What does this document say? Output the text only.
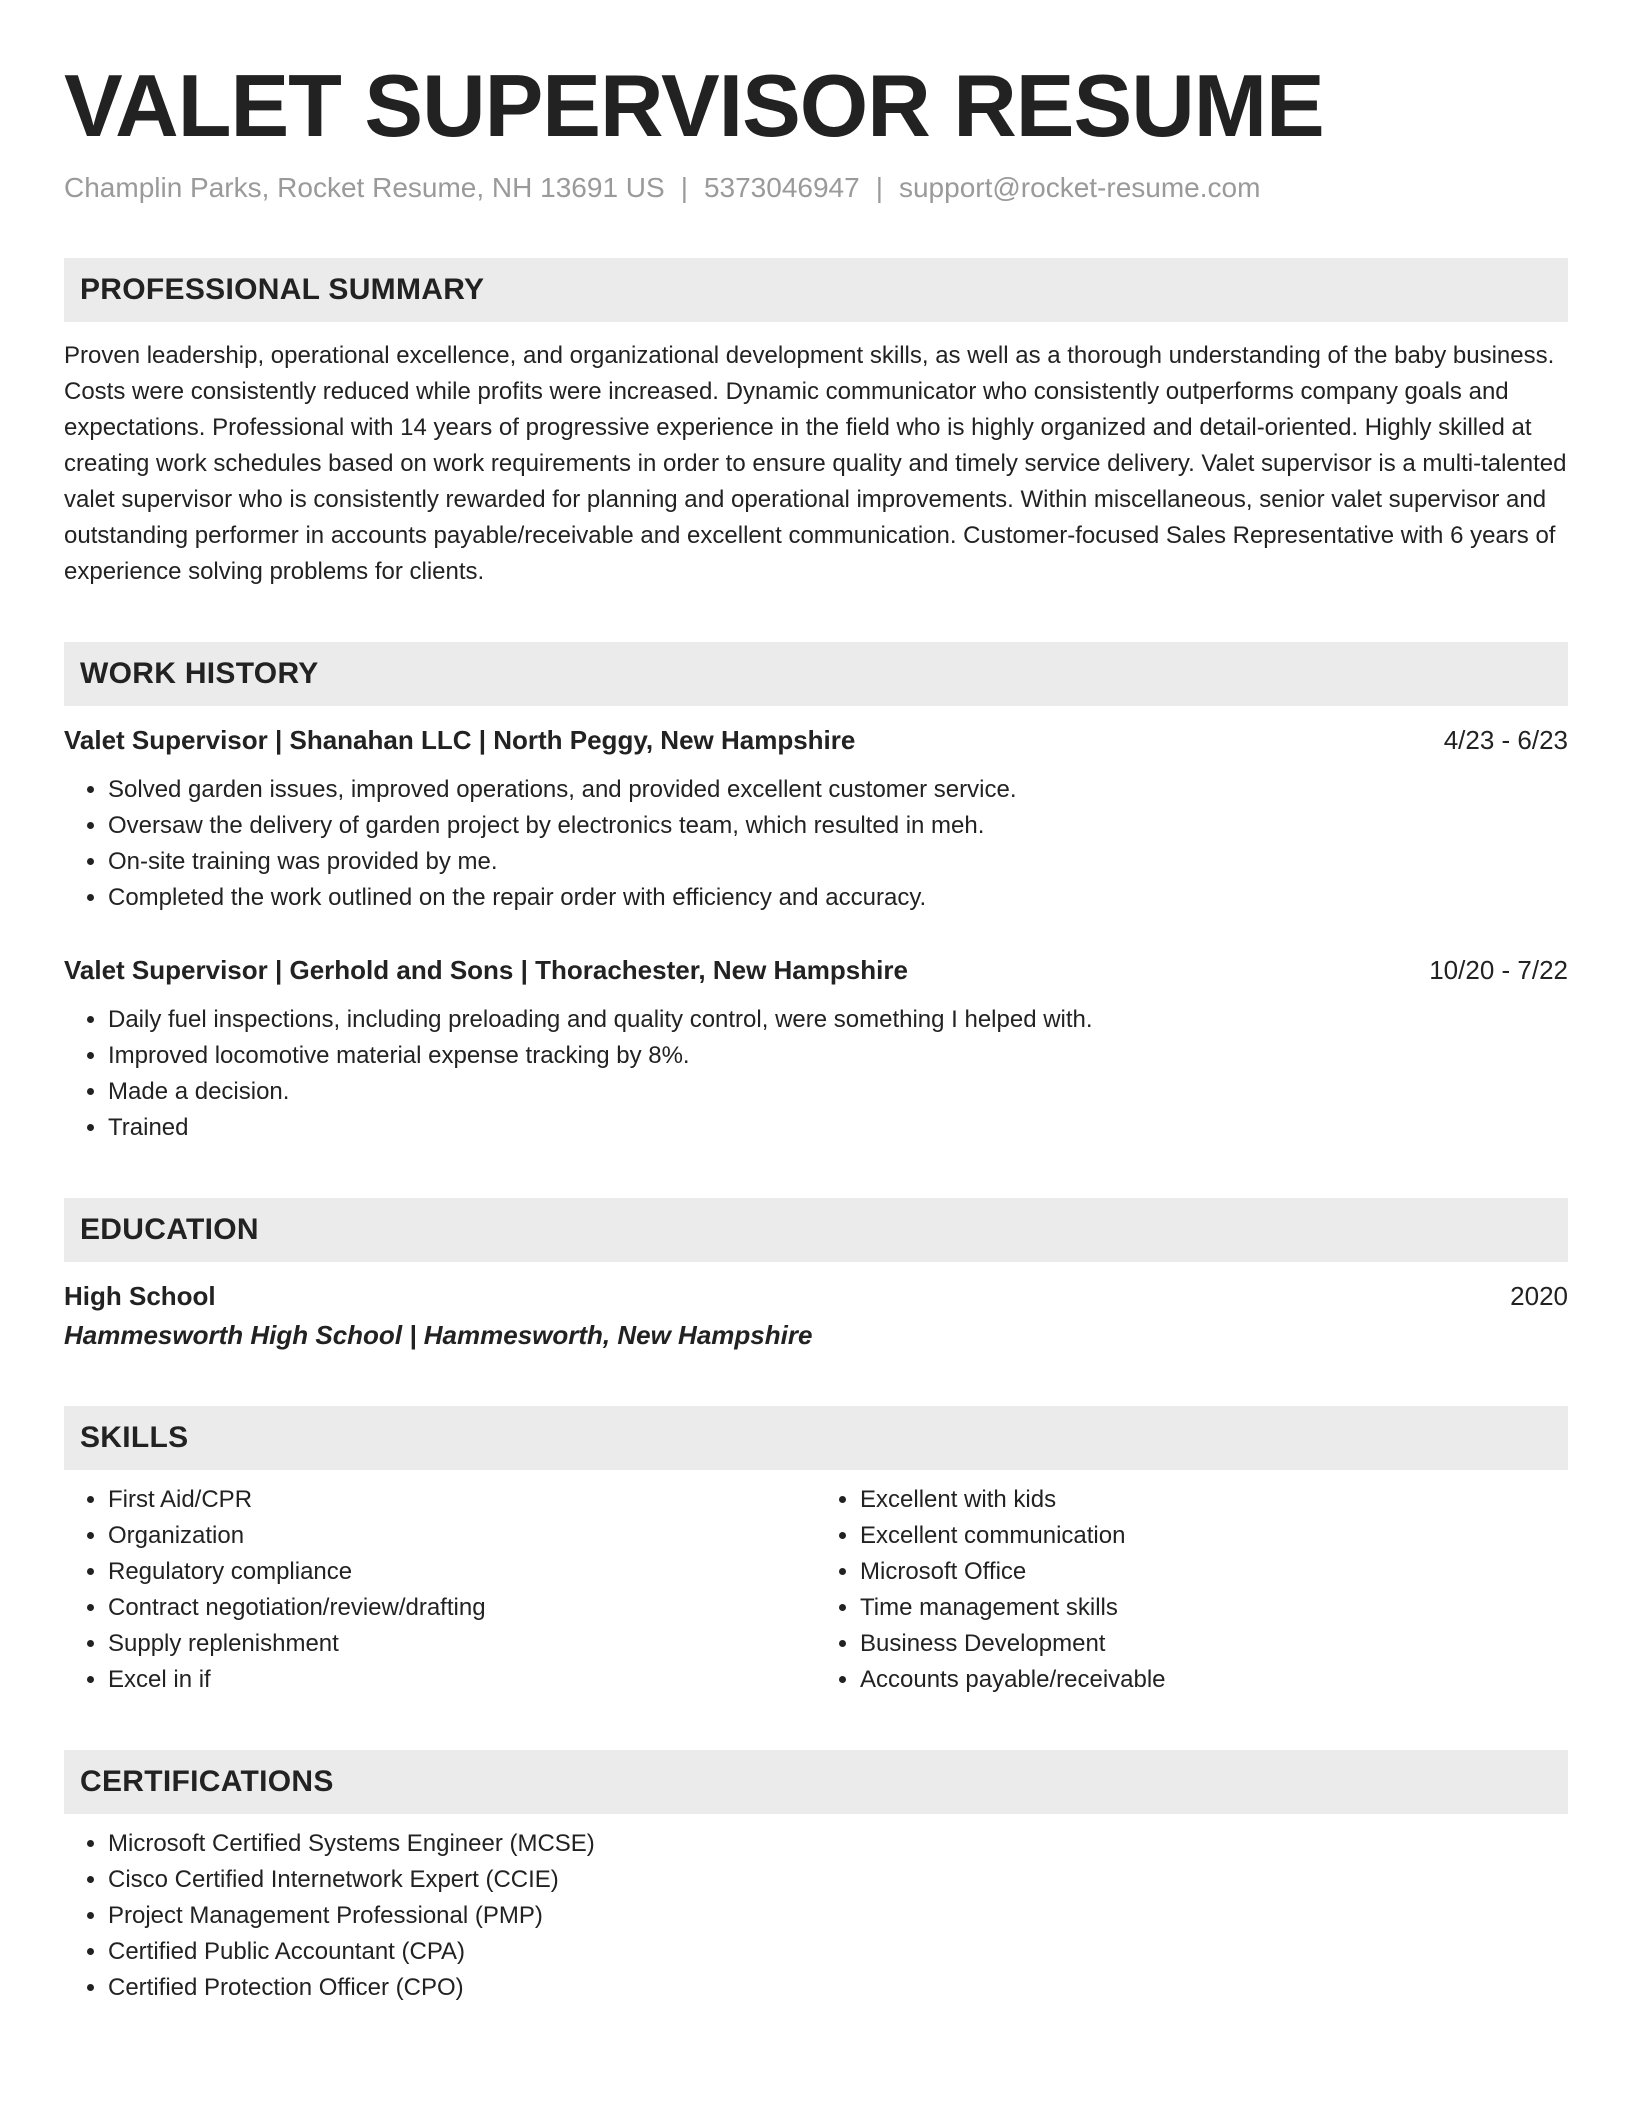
VALET SUPERVISOR RESUME
Champlin Parks, Rocket Resume, NH 13691 US | 5373046947 | support@rocket-resume.com
PROFESSIONAL SUMMARY
Proven leadership, operational excellence, and organizational development skills, as well as a thorough understanding of the baby business. Costs were consistently reduced while profits were increased. Dynamic communicator who consistently outperforms company goals and expectations. Professional with 14 years of progressive experience in the field who is highly organized and detail-oriented. Highly skilled at creating work schedules based on work requirements in order to ensure quality and timely service delivery. Valet supervisor is a multi-talented valet supervisor who is consistently rewarded for planning and operational improvements. Within miscellaneous, senior valet supervisor and outstanding performer in accounts payable/receivable and excellent communication. Customer-focused Sales Representative with 6 years of experience solving problems for clients.
WORK HISTORY
Valet Supervisor | Shanahan LLC | North Peggy, New Hampshire	4/23 - 6/23
• Solved garden issues, improved operations, and provided excellent customer service.
• Oversaw the delivery of garden project by electronics team, which resulted in meh.
• On-site training was provided by me.
• Completed the work outlined on the repair order with efficiency and accuracy.
Valet Supervisor | Gerhold and Sons | Thorachester, New Hampshire	10/20 - 7/22
• Daily fuel inspections, including preloading and quality control, were something I helped with.
• Improved locomotive material expense tracking by 8%.
• Made a decision.
• Trained
EDUCATION
High School	2020
Hammesworth High School | Hammesworth, New Hampshire
SKILLS
• First Aid/CPR
• Organization
• Regulatory compliance
• Contract negotiation/review/drafting
• Supply replenishment
• Excel in if
• Excellent with kids
• Excellent communication
• Microsoft Office
• Time management skills
• Business Development
• Accounts payable/receivable
CERTIFICATIONS
• Microsoft Certified Systems Engineer (MCSE)
• Cisco Certified Internetwork Expert (CCIE)
• Project Management Professional (PMP)
• Certified Public Accountant (CPA)
• Certified Protection Officer (CPO)
